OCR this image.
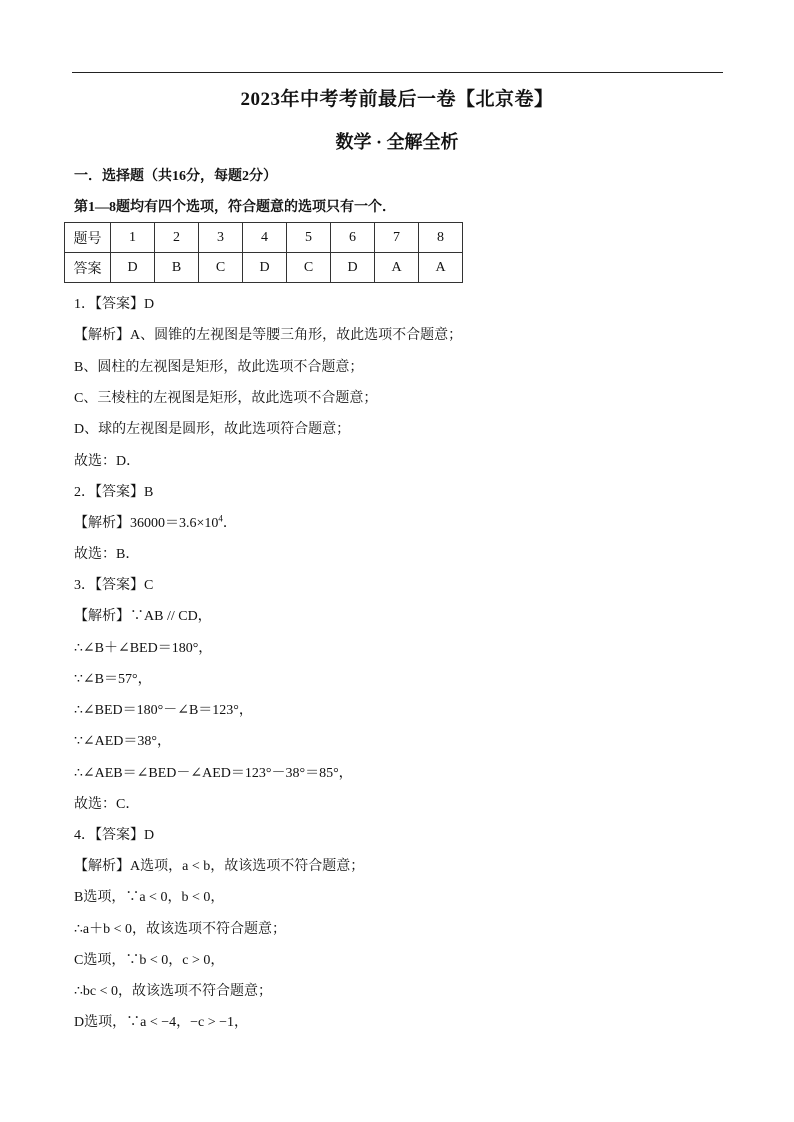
2023年中考考前最后一卷【北京卷】
数学 · 全解全析
一．选择题（共16分，每题2分）
第1—8题均有四个选项，符合题意的选项只有一个．
题号	1	2	3	4	5	6	7	8
答案	D	B	C	D	C	D	A	A
1．【答案】D
【解析】A、圆锥的左视图是等腰三角形，故此选项不合题意；
B、圆柱的左视图是矩形，故此选项不合题意；
C、三棱柱的左视图是矩形，故此选项不合题意；
D、球的左视图是圆形，故此选项符合题意；
故选：D．
2．【答案】B
【解析】$36000=3.6\times 10^4$．
故选：B．
3．【答案】C
【解析】∵AB // CD，
∴∠B＋∠BED＝180°，
∵∠B＝57°，
∴∠BED＝180°－∠B＝123°，
∵∠AED＝38°，
∴∠AEB＝∠BED－∠AED＝123°－38°＝85°，
故选：C．
4．【答案】D
【解析】A选项，a < b，故该选项不符合题意；
B选项，∵a < 0，b < 0，
∴a＋b < 0，故该选项不符合题意；
C选项，∵b < 0，c > 0，
∴bc < 0，故该选项不符合题意；
D选项，∵a < −4，−c > −1，
